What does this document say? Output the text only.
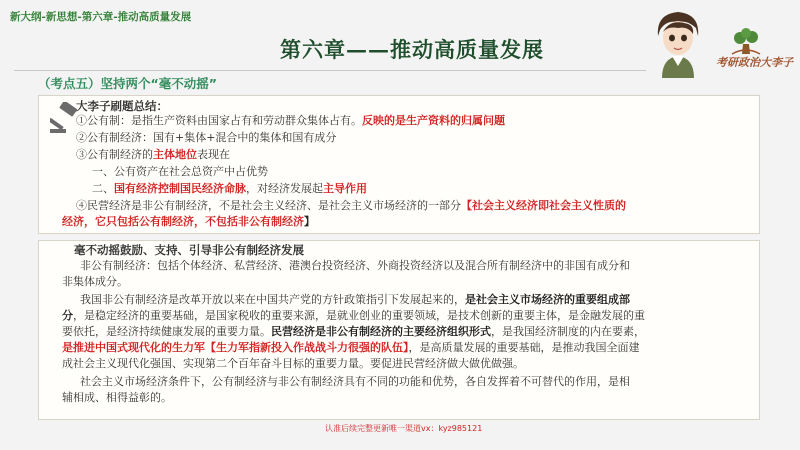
新大纲-新思想-第六章-推动高质量发展
第六章——推动高质量发展
考研政治大李子
（考点五）坚持两个“毫不动摇”
大李子刷题总结：
①公有制：是指生产资料由国家占有和劳动群众集体占有。反映的是生产资料的归属问题
②公有制经济：国有+集体+混合中的集体和国有成分
③公有制经济的主体地位表现在
一、公有资产在社会总资产中占优势
二、国有经济控制国民经济命脉，对经济发展起主导作用
④民营经济是非公有制经济，不是社会主义经济、是社会主义市场经济的一部分【社会主义经济即社会主义性质的
经济，它只包括公有制经济，不包括非公有制经济】
毫不动摇鼓励、支持、引导非公有制经济发展
非公有制经济：包括个体经济、私营经济、港澳台投资经济、外商投资经济以及混合所有制经济中的非国有成分和
非集体成分。
我国非公有制经济是改革开放以来在中国共产党的方针政策指引下发展起来的，是社会主义市场经济的重要组成部
分，是稳定经济的重要基础，是国家税收的重要来源，是就业创业的重要领域，是技术创新的重要主体，是金融发展的重
要依托，是经济持续健康发展的重要力量。民营经济是非公有制经济的主要经济组织形式，是我国经济制度的内在要素，
是推进中国式现代化的生力军【生力军指新投入作战战斗力很强的队伍】，是高质量发展的重要基础，是推动我国全面建
成社会主义现代化强国、实现第二个百年奋斗目标的重要力量。要促进民营经济做大做优做强。
社会主义市场经济条件下，公有制经济与非公有制经济具有不同的功能和优势，各自发挥着不可替代的作用，是相
辅相成、相得益彰的。
认准后续完整更新唯一渠道vx：kyz985121
